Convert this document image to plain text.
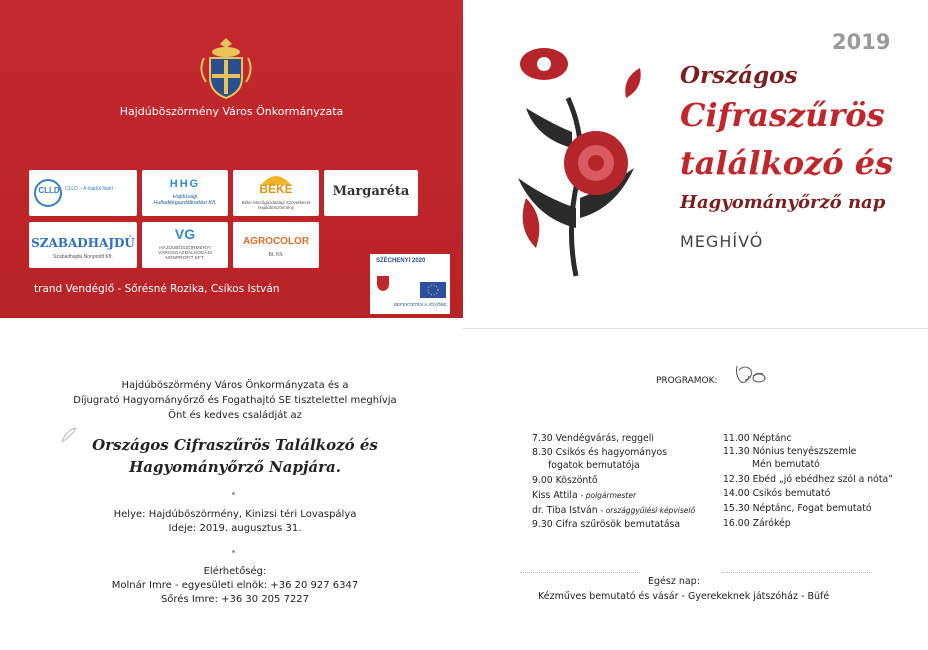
Hajdúböszörmény Város Önkormányzata
CLLD	CLLD – A hajdúi fiúért	HHG
Hajdúsági Hulladékgazdálkodási Kft.
BÉKE
Béke Mezőgazdasági Szövetkezet Hajdúböszörmény
Margaréta
SZABADHAJDÚ
Szabadhajdú Nonprofit Kft.
VG
HAJDÚBÖSZÖRMÉNYI VÁROSGAZDÁLKODÁSI NONPROFIT KFT.
AGROCOLOR
Bt. Kft.
SZÉCHENYI 2020
BEFEKTETÉS A JÖVŐBE
trand Vendéglő - Sőrésné Rozika, Csíkos István
2019
Országos
Cifraszűrös
találkozó és
Hagyományőrző nap
MEGHÍVÓ
Hajdúböszörmény Város Önkormányzata és a
Díjugrató Hagyományőrző és Fogathajtó SE tisztelettel meghívja
Önt és kedves családját az
Országos Cifraszűrös Találkozó és
Hagyományőrző Napjára.
Helye: Hajdúböszörmény, Kinizsi téri Lovaspálya
Ideje: 2019. augusztus 31.
Elérhetőség:
Molnár Imre - egyesületi elnök: +36 20 927 6347
Sőrés Imre: +36 30 205 7227
PROGRAMOK:
7.30 Vendégvárás, reggeli
8.30 Csikós és hagyományos
fogatok bemutatója
9.00 Köszöntő
Kiss Attila - polgármester
dr. Tiba István - országgyűlési képviselő
9.30 Cifra szűrösök bemutatása
11.00 Néptánc
11.30 Nónius tenyészszemle
Mén bemutató
12.30 Ebéd „jó ebédhez szól a nóta”
14.00 Csikós bemutató
15.30 Néptánc, Fogat bemutató
16.00 Zárókép
Egész nap:
Kézműves bemutató és vásár - Gyerekeknek játszóház - Büfé
